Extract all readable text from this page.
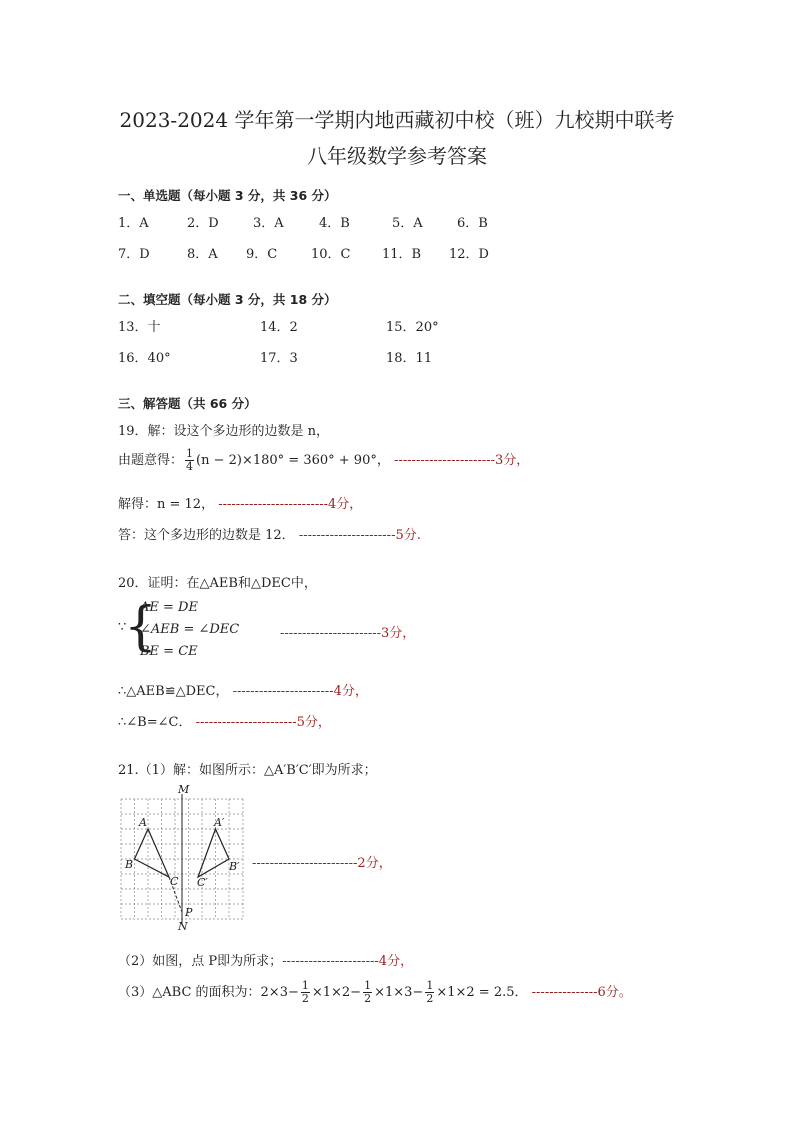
2023-2024 学年第一学期内地西藏初中校（班）九校期中联考
八年级数学参考答案
一、单选题（每小题 3 分，共 36 分）
1．A	2．D	3．A	4．B	5．A	6．B
7．D	8．A 9．C	10．C 11．B 12．D
二、填空题（每小题 3 分，共 18 分）
13．十	14．2	15．20°
16．40°	17．3	18．11
三、解答题（共 66 分）
19．解：设这个多边形的边数是 n，
由题意得： $\frac{1}{4} (n - 2)\times 180^\circ = 360^\circ + 90^\circ$， -----------------------3分，
解得：n = 12， -------------------------4分，
答：这个多边形的边数是 12． ----------------------5分.
20．证明：在△AEB和△DEC中，
∵
{
AE = DE
∠AEB = ∠DEC
BE = CE
-----------------------3分，
∴△AEB≌△DEC， -----------------------4分，
∴∠B=∠C． -----------------------5分，
21.（1）解：如图所示：△A′B′C′即为所求；
M
N
A
B
C
A′
B′
C′
P
------------------------2分，
（2）如图，点 P即为所求；----------------------4分，
（3）△ABC 的面积为：$2\times 3- \frac{1}{2} \times 1\times 2- \frac{1}{2} \times 1\times 3- \frac{1}{2} \times 1\times 2 = 2.5$． ---------------6分。
